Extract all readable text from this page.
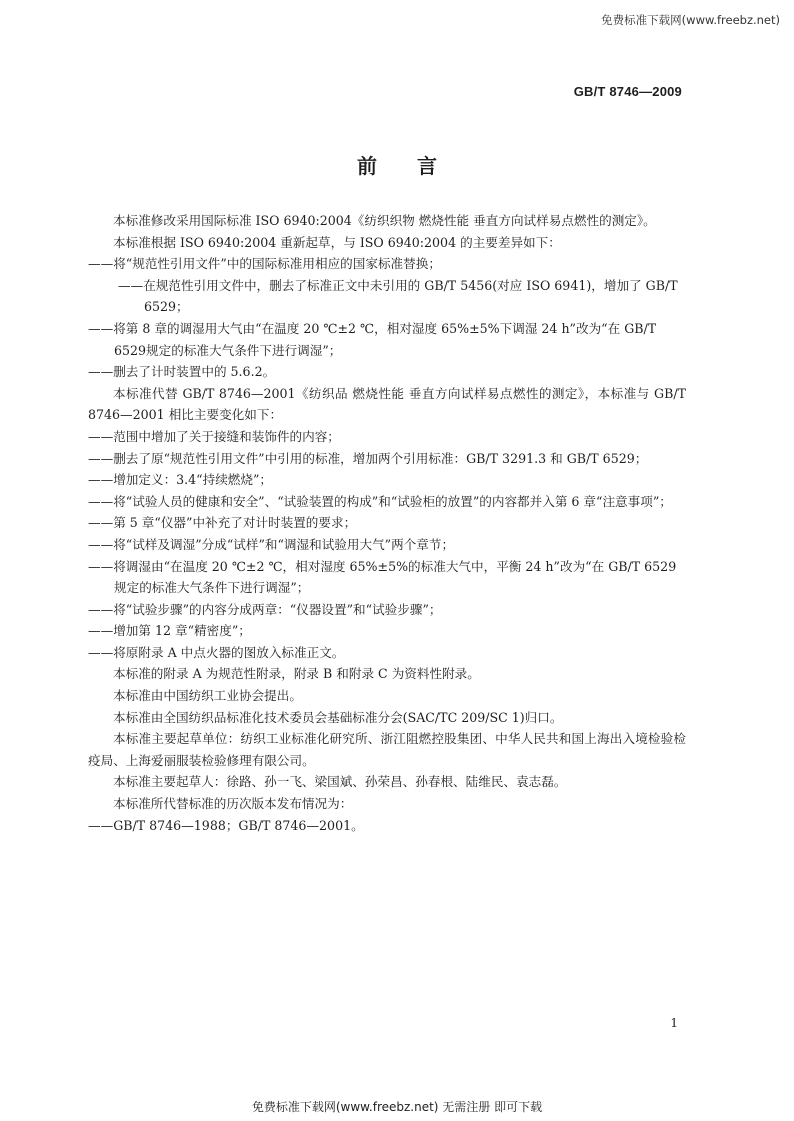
免费标准下载网(www.freebz.net)
GB/T 8746—2009
前言

本标准修改采用国际标准 ISO 6940:2004《纺织织物 燃烧性能 垂直方向试样易点燃性的测定》。

本标准根据 ISO 6940:2004 重新起草，与 ISO 6940:2004 的主要差异如下：

—— 将“规范性引用文件”中的国际标准用相应的国家标准替换；

—— 在规范性引用文件中，删去了标准正文中未引用的 GB/T 5456(对应 ISO 6941)，增加了 GB/T 6529；

—— 将第 8 章的调湿用大气由“在温度 20 ℃±2 ℃，相对湿度 65%±5%下调湿 24 h”改为“在 GB/T 6529规定的标准大气条件下进行调湿”；

—— 删去了计时装置中的 5.6.2。

本标准代替 GB/T 8746—2001《纺织品 燃烧性能 垂直方向试样易点燃性的测定》，本标准与 GB/T 8746—2001 相比主要变化如下：

—— 范围中增加了关于接缝和装饰件的内容；

—— 删去了原“规范性引用文件”中引用的标准，增加两个引用标准：GB/T 3291.3 和 GB/T 6529；

—— 增加定义：3.4“持续燃烧”；

—— 将“试验人员的健康和安全”、“试验装置的构成”和“试验柜的放置”的内容都并入第 6 章“注意事项”；

—— 第 5 章“仪器”中补充了对计时装置的要求；

—— 将“试样及调湿”分成“试样”和“调湿和试验用大气”两个章节；

—— 将调湿由“在温度 20 ℃±2 ℃，相对湿度 65%±5%的标准大气中，平衡 24 h”改为“在 GB/T 6529规定的标准大气条件下进行调湿”；

—— 将“试验步骤”的内容分成两章：“仪器设置”和“试验步骤”；

—— 增加第 12 章“精密度”；

—— 将原附录 A 中点火器的图放入标准正文。

本标准的附录 A 为规范性附录，附录 B 和附录 C 为资料性附录。

本标准由中国纺织工业协会提出。

本标准由全国纺织品标准化技术委员会基础标准分会(SAC/TC 209/SC 1)归口。

本标准主要起草单位：纺织工业标准化研究所、浙江阻燃控股集团、中华人民共和国上海出入境检验检疫局、上海爱丽服装检验修理有限公司。

本标准主要起草人：徐路、孙一飞、梁国斌、孙荣昌、孙春根、陆维民、袁志磊。

本标准所代替标准的历次版本发布情况为：

—— GB/T 8746—1988；GB/T 8746—2001。

1
免费标准下载网(www.freebz.net) 无需注册 即可下载
